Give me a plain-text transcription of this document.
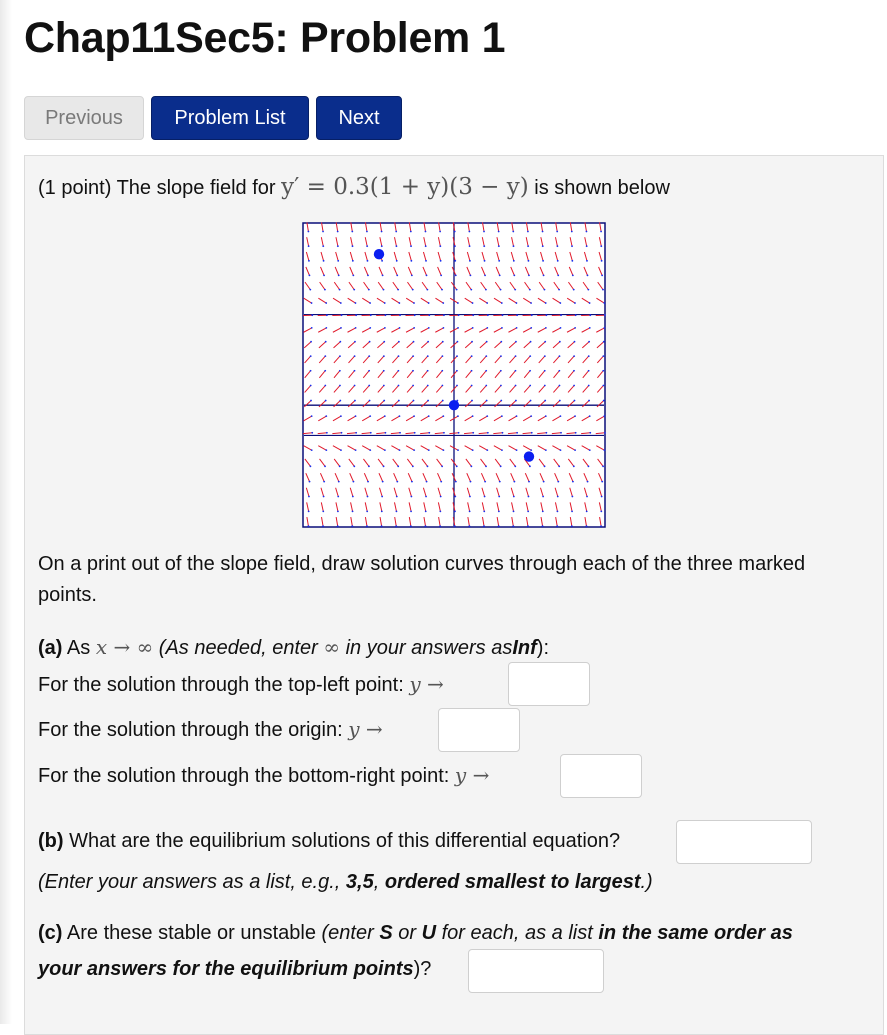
Chap11Sec5: Problem 1
Previous	Problem List	Next
(1 point) The slope field for y′ = 0.3(1 + y)(3 − y) is shown below
On a print out of the slope field, draw solution curves through each of the three marked
points.
(a) As x → ∞ (As needed, enter ∞ in your answers asInf):
For the solution through the top-left point: y →
For the solution through the origin: y →
For the solution through the bottom-right point: y →
(b) What are the equilibrium solutions of this differential equation?
(Enter your answers as a list, e.g., 3,5, ordered smallest to largest.)
(c) Are these stable or unstable (enter S or U for each, as a list in the same order as
your answers for the equilibrium points)?
